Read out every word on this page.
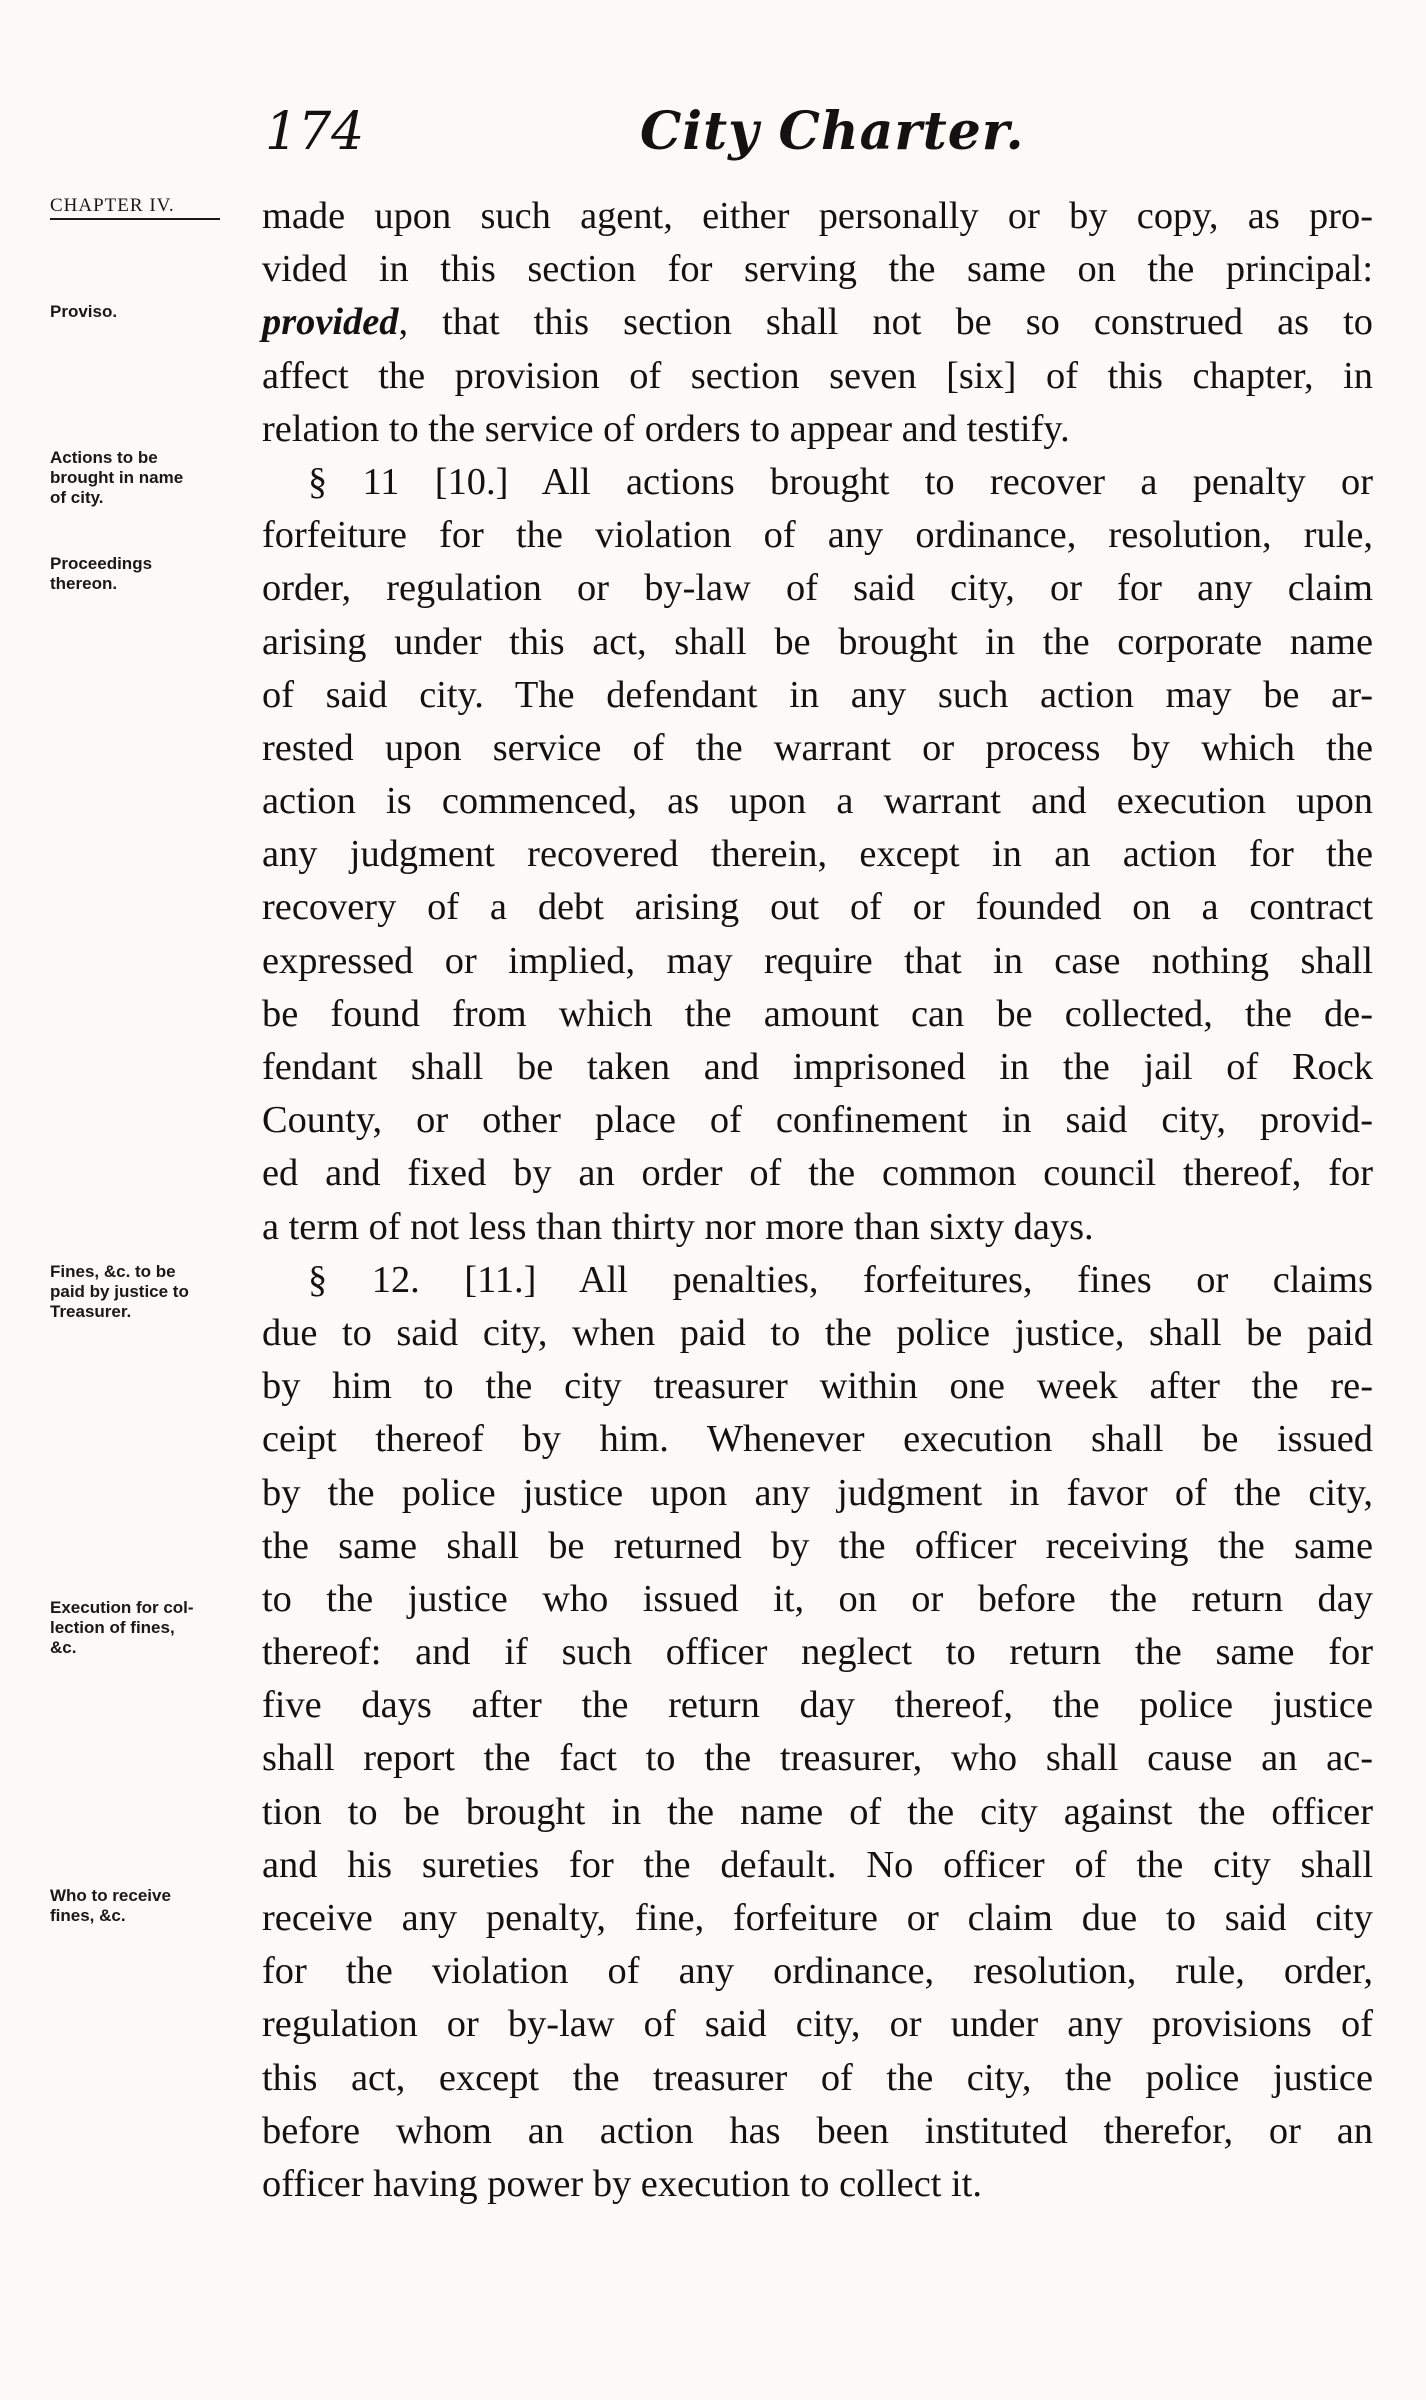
174	City Charter.
CHAPTER IV.
Proviso.
Actions to be
brought in name
of city.
Proceedings
thereon.
Fines, &c. to be
paid by justice to
Treasurer.
Execution for col-
lection of fines,
&c.
Who to receive
fines, &c.
made upon such agent, either personally or by copy, as pro-
vided in this section for serving the same on the principal:
provided, that this section shall not be so construed as to
affect the provision of section seven [six] of this chapter, in
relation to the service of orders to appear and testify.
§ 11 [10.] All actions brought to recover a penalty or
forfeiture for the violation of any ordinance, resolution, rule,
order, regulation or by-law of said city, or for any claim
arising under this act, shall be brought in the corporate name
of said city. The defendant in any such action may be ar-
rested upon service of the warrant or process by which the
action is commenced, as upon a warrant and execution upon
any judgment recovered therein, except in an action for the
recovery of a debt arising out of or founded on a contract
expressed or implied, may require that in case nothing shall
be found from which the amount can be collected, the de-
fendant shall be taken and imprisoned in the jail of Rock
County, or other place of confinement in said city, provid-
ed and fixed by an order of the common council thereof, for
a term of not less than thirty nor more than sixty days.
§ 12. [11.] All penalties, forfeitures, fines or claims
due to said city, when paid to the police justice, shall be paid
by him to the city treasurer within one week after the re-
ceipt thereof by him. Whenever execution shall be issued
by the police justice upon any judgment in favor of the city,
the same shall be returned by the officer receiving the same
to the justice who issued it, on or before the return day
thereof: and if such officer neglect to return the same for
five days after the return day thereof, the police justice
shall report the fact to the treasurer, who shall cause an ac-
tion to be brought in the name of the city against the officer
and his sureties for the default. No officer of the city shall
receive any penalty, fine, forfeiture or claim due to said city
for the violation of any ordinance, resolution, rule, order,
regulation or by-law of said city, or under any provisions of
this act, except the treasurer of the city, the police justice
before whom an action has been instituted therefor, or an
officer having power by execution to collect it.
